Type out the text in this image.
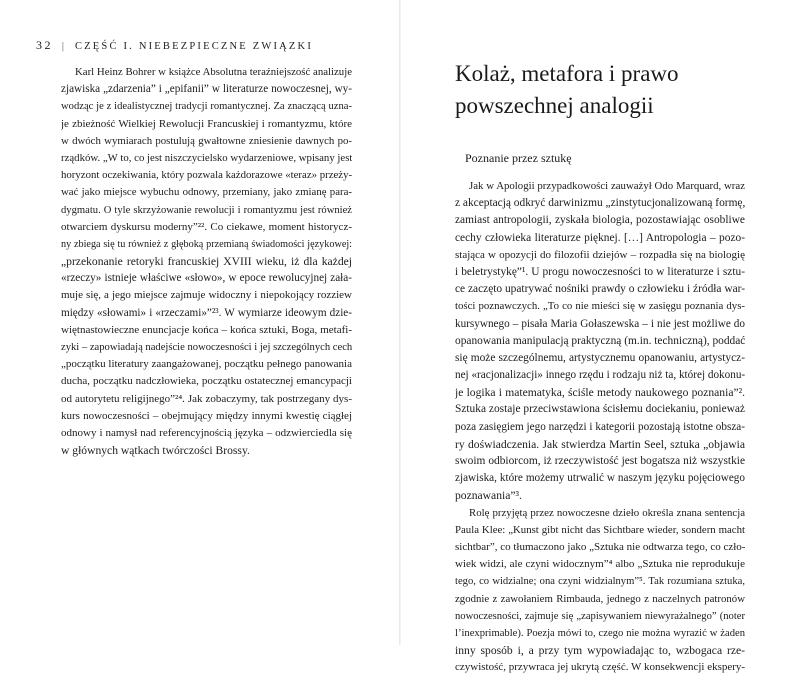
32 | CZĘŚĆ I. NIEBEZPIECZNE ZWIĄZKI
Karl Heinz Bohrer w książce Absolutna teraźniejszość analizuje
zjawiska „zdarzenia” i „epifanii” w literaturze nowoczesnej, wy-
wodząc je z idealistycznej tradycji romantycznej. Za znaczącą uzna-
je zbieżność Wielkiej Rewolucji Francuskiej i romantyzmu, które
w dwóch wymiarach postulują gwałtowne zniesienie dawnych po-
rządków. „W to, co jest niszczycielsko wydarzeniowe, wpisany jest
horyzont oczekiwania, który pozwala każdorazowe «teraz» przeży-
wać jako miejsce wybuchu odnowy, przemiany, jako zmianę para-
dygmatu. O tyle skrzyżowanie rewolucji i romantyzmu jest również
otwarciem dyskursu moderny”²². Co ciekawe, moment historycz-
ny zbiega się tu również z głęboką przemianą świadomości językowej:
„przekonanie retoryki francuskiej XVIII wieku, iż dla każdej
«rzeczy» istnieje właściwe «słowo», w epoce rewolucyjnej zała-
muje się, a jego miejsce zajmuje widoczny i niepokojący rozziew
między «słowami» i «rzeczami»”²³. W wymiarze ideowym dzie-
więtnastowieczne enuncjacje końca – końca sztuki, Boga, metafi-
zyki – zapowiadają nadejście nowoczesności i jej szczególnych cech
„początku literatury zaangażowanej, początku pełnego panowania
ducha, początku nadczłowieka, początku ostatecznej emancypacji
od autorytetu religijnego”²⁴. Jak zobaczymy, tak postrzegany dys-
kurs nowoczesności – obejmujący między innymi kwestię ciągłej
odnowy i namysł nad referencyjnością języka – odzwierciedla się
w głównych wątkach twórczości Brossy.
Kolaż, metafora i prawo
powszechnej analogii
Poznanie przez sztukę
Jak w Apologii przypadkowości zauważył Odo Marquard, wraz
z akceptacją odkryć darwinizmu „zinstytucjonalizowaną formę,
zamiast antropologii, zyskała biologia, pozostawiając osobliwe
cechy człowieka literaturze pięknej. […] Antropologia – pozo-
stająca w opozycji do filozofii dziejów – rozpadła się na biologię
i beletrystykę”¹. U progu nowoczesności to w literaturze i sztu-
ce zaczęto upatrywać nośniki prawdy o człowieku i źródła war-
tości poznawczych. „To co nie mieści się w zasięgu poznania dys-
kursywnego – pisała Maria Gołaszewska – i nie jest możliwe do
opanowania manipulacją praktyczną (m.in. techniczną), poddać
się może szczególnemu, artystycznemu opanowaniu, artystycz-
nej «racjonalizacji» innego rzędu i rodzaju niż ta, której dokonu-
je logika i matematyka, ściśle metody naukowego poznania”².
Sztuka zostaje przeciwstawiona ścisłemu dociekaniu, ponieważ
poza zasięgiem jego narzędzi i kategorii pozostają istotne obsza-
ry doświadczenia. Jak stwierdza Martin Seel, sztuka „objawia
swoim odbiorcom, iż rzeczywistość jest bogatsza niż wszystkie
zjawiska, które możemy utrwalić w naszym języku pojęciowego
poznawania”³.
Rolę przyjętą przez nowoczesne dzieło określa znana sentencja
Paula Klee: „Kunst gibt nicht das Sichtbare wieder, sondern macht
sichtbar”, co tłumaczono jako „Sztuka nie odtwarza tego, co czło-
wiek widzi, ale czyni widocznym”⁴ albo „Sztuka nie reprodukuje
tego, co widzialne; ona czyni widzialnym”⁵. Tak rozumiana sztuka,
zgodnie z zawołaniem Rimbauda, jednego z naczelnych patronów
nowoczesności, zajmuje się „zapisywaniem niewyrażalnego” (noter
l’inexprimable). Poezja mówi to, czego nie można wyrazić w żaden
inny sposób i, a przy tym wypowiadając to, wzbogaca rze-
czywistość, przywraca jej ukrytą część. W konsekwencji ekspery-
